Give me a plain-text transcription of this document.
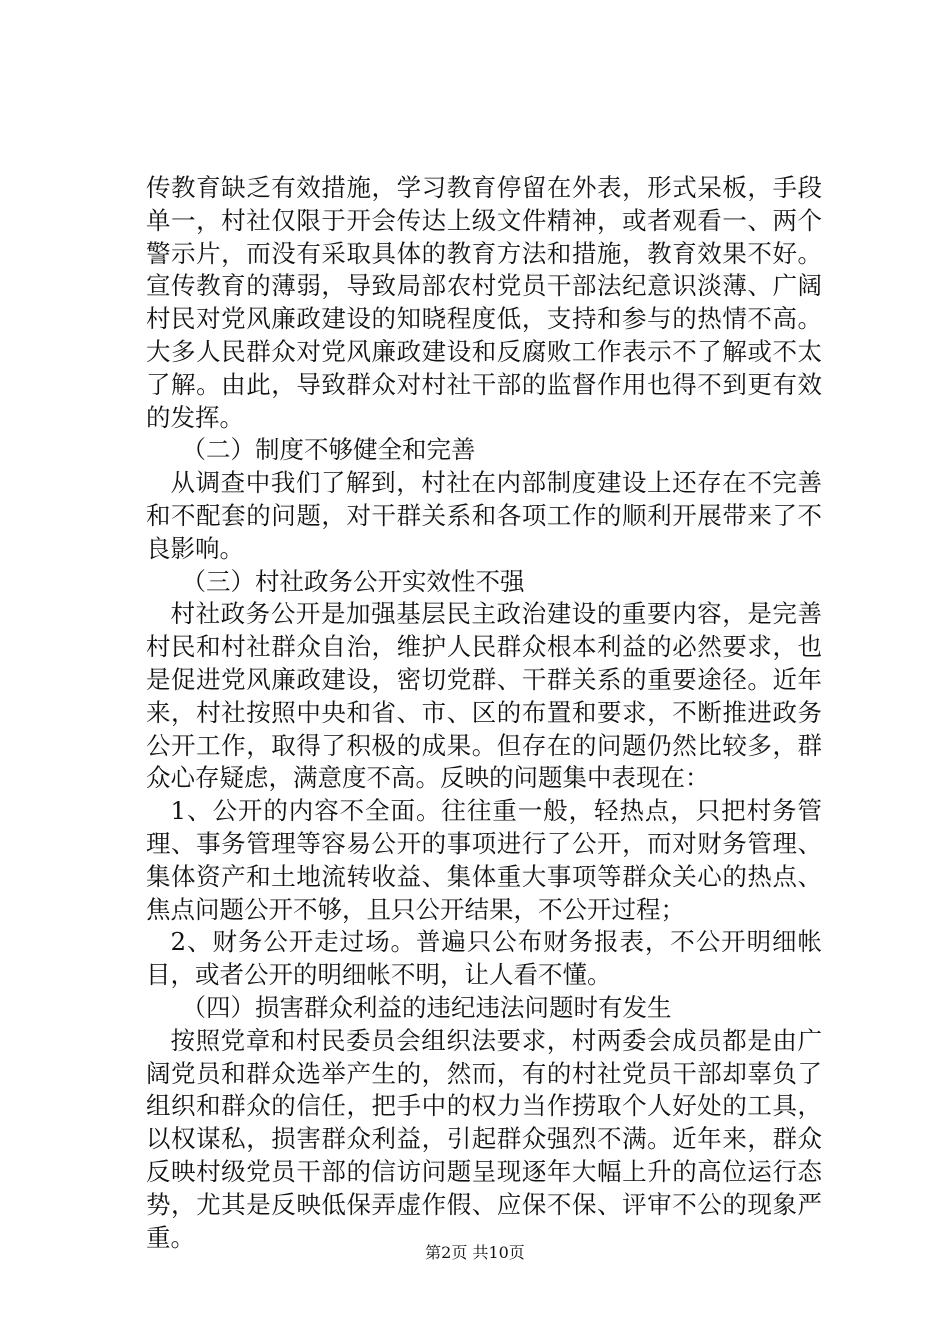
传教育缺乏有效措施，学习教育停留在外表，形式呆板，手段单一，村社仅限于开会传达上级文件精神，或者观看一、两个警示片，而没有采取具体的教育方法和措施，教育效果不好。宣传教育的薄弱，导致局部农村党员干部法纪意识淡薄、广阔村民对党风廉政建设的知晓程度低，支持和参与的热情不高。大多人民群众对党风廉政建设和反腐败工作表示不了解或不太了解。由此，导致群众对村社干部的监督作用也得不到更有效的发挥。

（二）制度不够健全和完善

从调查中我们了解到，村社在内部制度建设上还存在不完善和不配套的问题，对干群关系和各项工作的顺利开展带来了不良影响。

（三）村社政务公开实效性不强

村社政务公开是加强基层民主政治建设的重要内容，是完善村民和村社群众自治，维护人民群众根本利益的必然要求，也是促进党风廉政建设，密切党群、干群关系的重要途径。近年来，村社按照中央和省、市、区的布置和要求，不断推进政务公开工作，取得了积极的成果。但存在的问题仍然比较多，群众心存疑虑，满意度不高。反映的问题集中表现在：

1、公开的内容不全面。往往重一般，轻热点，只把村务管理、事务管理等容易公开的事项进行了公开，而对财务管理、集体资产和土地流转收益、集体重大事项等群众关心的热点、焦点问题公开不够，且只公开结果，不公开过程；

2、财务公开走过场。普遍只公布财务报表，不公开明细帐目，或者公开的明细帐不明，让人看不懂。

（四）损害群众利益的违纪违法问题时有发生

按照党章和村民委员会组织法要求，村两委会成员都是由广阔党员和群众选举产生的，然而，有的村社党员干部却辜负了组织和群众的信任，把手中的权力当作捞取个人好处的工具，以权谋私，损害群众利益，引起群众强烈不满。近年来，群众反映村级党员干部的信访问题呈现逐年大幅上升的高位运行态势，尤其是反映低保弄虚作假、应保不保、评审不公的现象严重。

第2页 共10页
